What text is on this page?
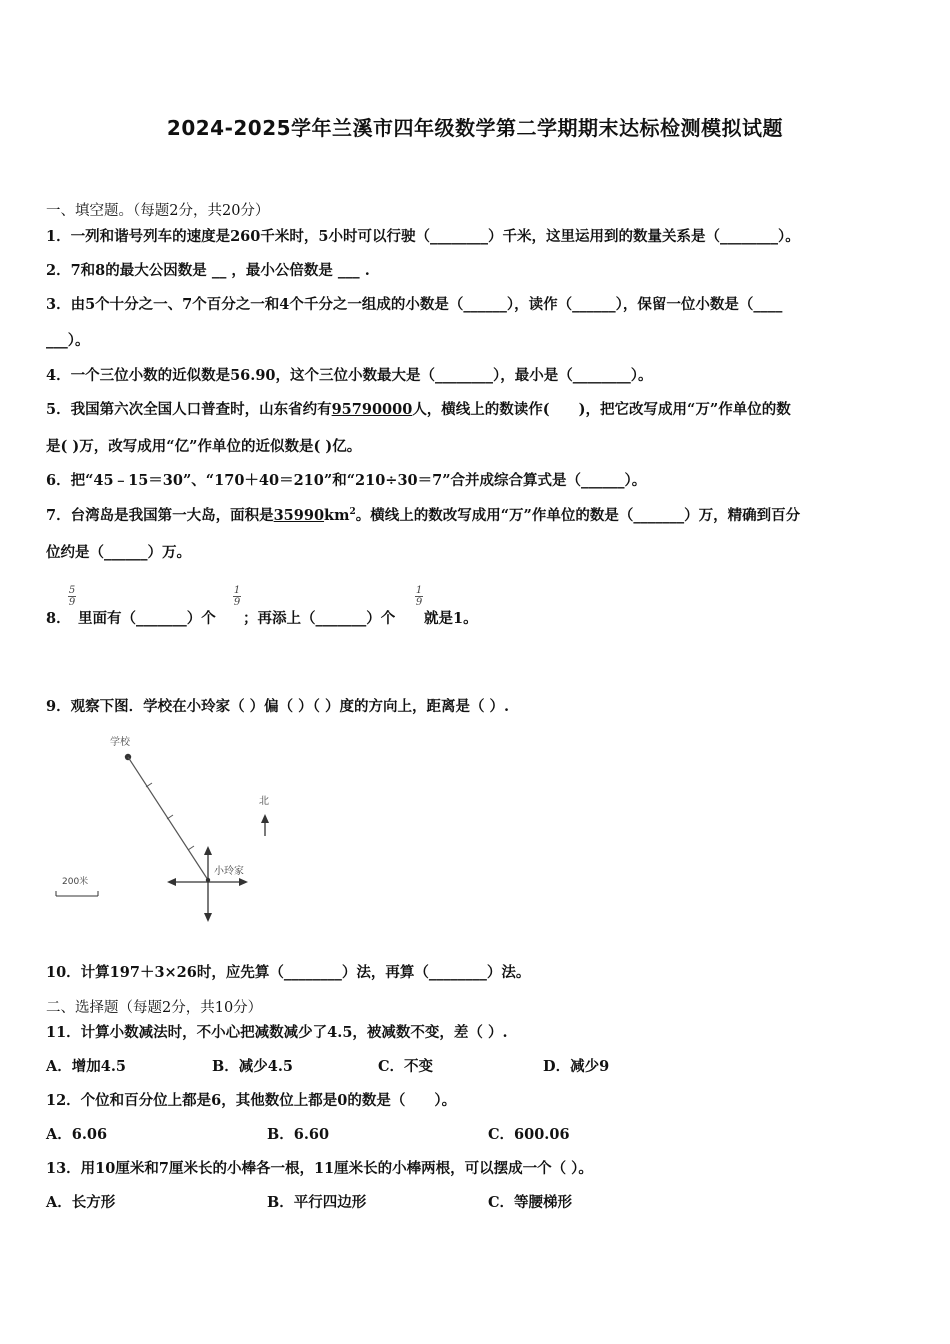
2024-2025学年兰溪市四年级数学第二学期期末达标检测模拟试题
一、填空题。（每题2分，共20分）
1．一列和谐号列车的速度是260千米时，5小时可以行驶（________）千米，这里运用到的数量关系是（________）。
2．7和8的最大公因数是 __ ，最小公倍数是 ___ .
3．由5个十分之一、7个百分之一和4个千分之一组成的小数是（______），读作（______），保留一位小数是（____
___）。
4．一个三位小数的近似数是56.90，这个三位小数最大是（________），最小是（________）。
5．我国第六次全国人口普查时，山东省约有95790000人，横线上的数读作(　　)，把它改写成用“万”作单位的数
是( )万，改写成用“亿”作单位的近似数是( )亿。
6．把“45﹣15＝30”、“170＋40＝210”和“210÷30＝7”合并成综合算式是（______）。
7．台湾岛是我国第一大岛，面积是$35990km^2$。横线上的数改写成用“万”作单位的数是（_______）万，精确到百分
位约是（______）万。
8．
5
9
里面有（_______）个
1
9
；再添上（_______）个
1
9
就是1。
9．观察下图．学校在小玲家（ ）偏（ ）（ ）度的方向上，距离是（ ）.
学校
小玲家
北
200米
10．计算197＋3×26时，应先算（________）法，再算（________）法。
二、选择题（每题2分，共10分）
11．计算小数减法时，不小心把减数减少了4.5，被减数不变，差（ ）.
A．增加4.5	B．减少4.5	C．不变	D．减少9
12．个位和百分位上都是6，其他数位上都是0的数是（　　）。
A．6.06	B．6.60	C．600.06
13．用10厘米和7厘米长的小棒各一根，11厘米长的小棒两根，可以摆成一个（ ）。
A．长方形	B．平行四边形	C．等腰梯形
